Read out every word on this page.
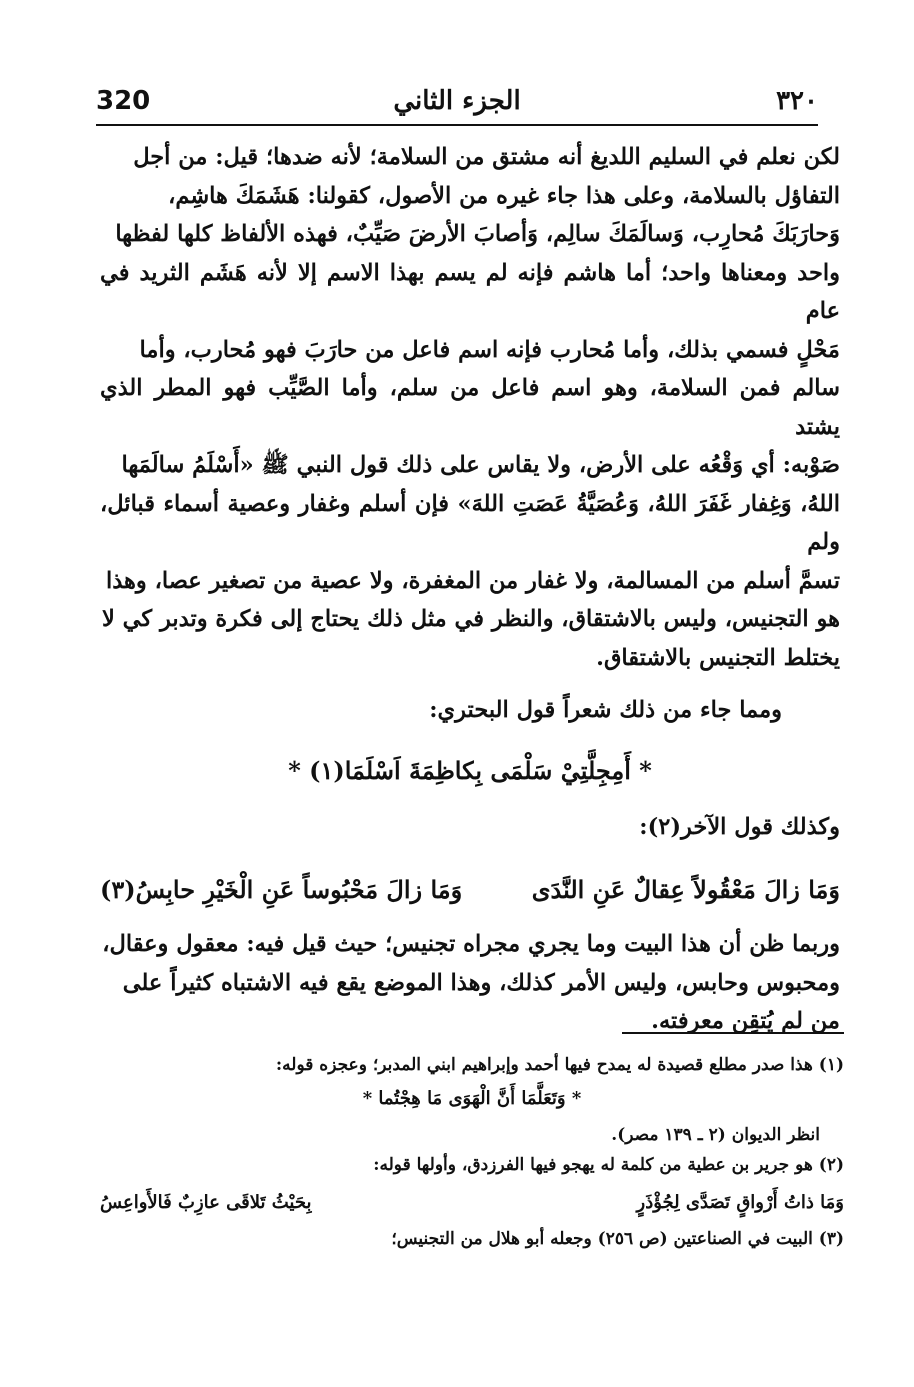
320	الجزء الثاني	٣٢٠

لكن نعلم في السليم اللديغ أنه مشتق من السلامة؛ لأنه ضدها؛ قيل: من أجل

التفاؤل بالسلامة، وعلى هذا جاء غيره من الأصول، كقولنا: هَشَمَكَ هاشِم،

وَحارَبَكَ مُحارِب، وَسالَمَكَ سالِم، وَأصابَ الأرضَ صَيِّبٌ، فهذه الألفاظ كلها لفظها

واحد ومعناها واحد؛ أما هاشم فإنه لم يسم بهذا الاسم إلا لأنه هَشَم الثريد في عام

مَحْلٍ فسمي بذلك، وأما مُحارب فإنه اسم فاعل من حارَبَ فهو مُحارب، وأما

سالم فمن السلامة، وهو اسم فاعل من سلم، وأما الصَّيِّب فهو المطر الذي يشتد

صَوْبه: أي وَقْعُه على الأرض، ولا يقاس على ذلك قول النبي ﷺ «أَسْلَمُ سالَمَها

اللهُ، وَغِفار غَفَرَ اللهُ، وَعُصَيَّةُ عَصَتِ اللهَ» فإن أسلم وغفار وعصية أسماء قبائل، ولم

تسمَّ أسلم من المسالمة، ولا غفار من المغفرة، ولا عصية من تصغير عصا، وهذا

هو التجنيس، وليس بالاشتقاق، والنظر في مثل ذلك يحتاج إلى فكرة وتدبر كي لا

يختلط التجنيس بالاشتقاق.

ومما جاء من ذلك شعراً قول البحتري:

* أَمِجِلَّتِيْ سَلْمَى بِكاظِمَةَ اَسْلَمَا(١) *

وكذلك قول الآخر(٢):

وَمَا زالَ مَعْقُولاً عِقالٌ عَنِ النَّدَى
وَمَا زالَ مَحْبُوساً عَنِ الْخَيْرِ حابِسُ(٣)

وربما ظن أن هذا البيت وما يجري مجراه تجنيس؛ حيث قيل فيه: معقول وعقال،

ومحبوس وحابس، وليس الأمر كذلك، وهذا الموضع يقع فيه الاشتباه كثيراً على

من لم يُتقِن معرفته.

(١) هذا صدر مطلع قصيدة له يمدح فيها أحمد وإبراهيم ابني المدبر؛ وعجزه قوله:

* وَتَعَلَّمَا أَنَّ الْهَوَى مَا هِجْتُما *

انظر الديوان (٢ ـ ١٣٩ مصر).

(٢) هو جرير بن عطية من كلمة له يهجو فيها الفرزدق، وأولها قوله:

وَمَا ذاتُ أَرْواقٍ تَصَدَّى لِجُؤْذَرٍ
بِحَيْثُ تَلاقَى عازِبٌ فَالأَواعِسُ

(٣) البيت في الصناعتين (ص ٢٥٦) وجعله أبو هلال من التجنيس؛
